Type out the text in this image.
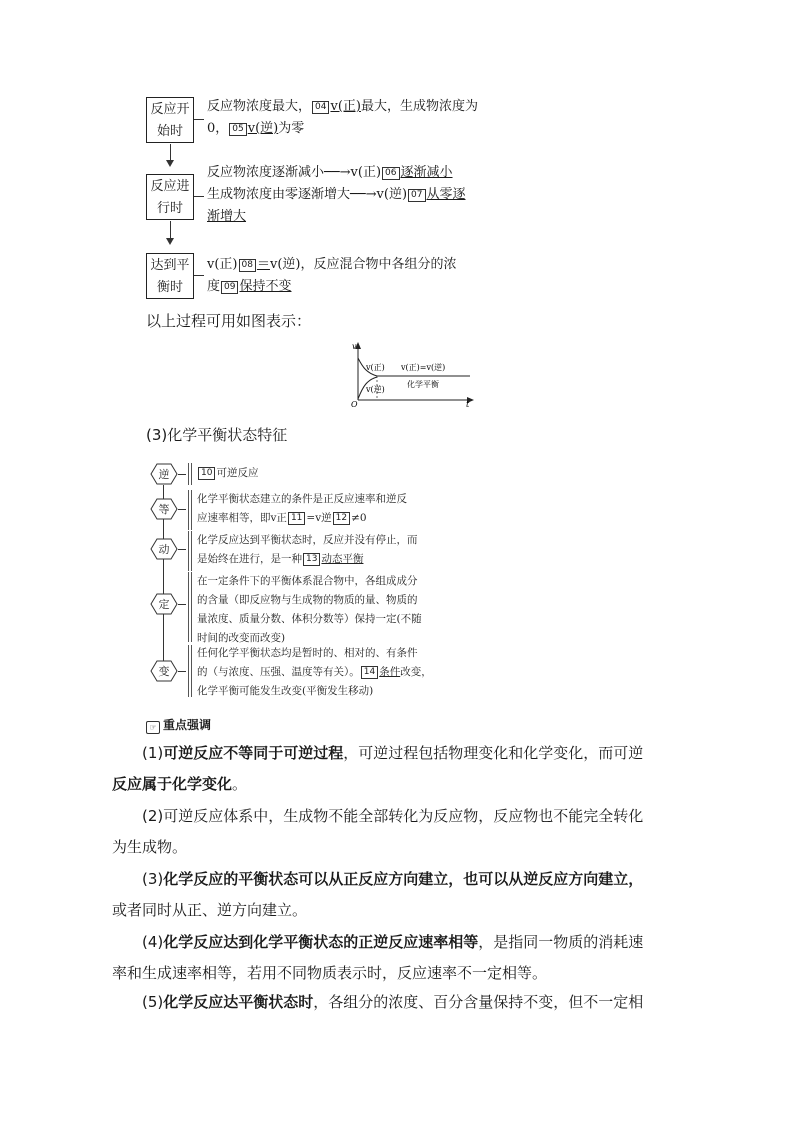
反应开
始时
反应物浓度最大， 04 v(正)最大，生成物浓度为
0， 05 v(逆)为零
反应进
行时
反应物浓度逐渐减小──→v(正) 06 逐渐减小
生成物浓度由零逐渐增大──→v(逆) 07 从零逐
渐增大
达到平
衡时
v(正) 08 ＝v(逆)，反应混合物中各组分的浓
度 09 保持不变
以上过程可用如图表示：
v
t
O
v(正)
v(逆)
v(正)=v(逆)
化学平衡
(3)化学平衡状态特征
逆
等
动
定
变
10 可逆反应
化学平衡状态建立的条件是正反应速率和逆反
应速率相等，即v正 11 =v逆 12 ≠0
化学反应达到平衡状态时，反应并没有停止，而
是始终在进行，是一种 13 动态平衡
在一定条件下的平衡体系混合物中，各组成成分
的含量（即反应物与生成物的物质的量、物质的
量浓度、质量分数、体积分数等）保持一定(不随
时间的改变而改变)
任何化学平衡状态均是暂时的、相对的、有条件
的（与浓度、压强、温度等有关）。 14 条件改变，
化学平衡可能发生改变(平衡发生移动)
☞ 重点强调
(1)可逆反应不等同于可逆过程，可逆过程包括物理变化和化学变化，而可逆
反应属于化学变化。
(2)可逆反应体系中，生成物不能全部转化为反应物，反应物也不能完全转化
为生成物。
(3)化学反应的平衡状态可以从正反应方向建立，也可以从逆反应方向建立，
或者同时从正、逆方向建立。
(4)化学反应达到化学平衡状态的正逆反应速率相等，是指同一物质的消耗速
率和生成速率相等，若用不同物质表示时，反应速率不一定相等。
(5)化学反应达平衡状态时，各组分的浓度、百分含量保持不变，但不一定相
